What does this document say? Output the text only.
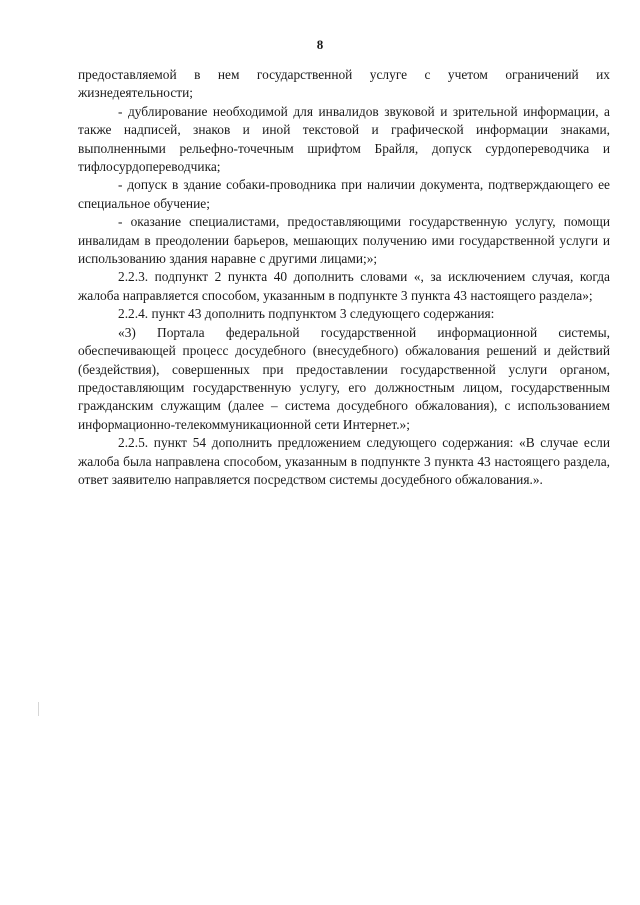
8

предоставляемой в нем государственной услуге с учетом ограничений их жизнедеятельности;

- дублирование необходимой для инвалидов звуковой и зрительной информации, а также надписей, знаков и иной текстовой и графической информации знаками, выполненными рельефно-точечным шрифтом Брайля, допуск сурдопереводчика и тифлосурдопереводчика;

- допуск в здание собаки-проводника при наличии документа, подтверждающего ее специальное обучение;

- оказание специалистами, предоставляющими государственную услугу, помощи инвалидам в преодолении барьеров, мешающих получению ими государственной услуги и использованию здания наравне с другими лицами;»;

2.2.3. подпункт 2 пункта 40 дополнить словами «, за исключением случая, когда жалоба направляется способом, указанным в подпункте 3 пункта 43 настоящего раздела»;

2.2.4. пункт 43 дополнить подпунктом 3 следующего содержания:

«3) Портала федеральной государственной информационной системы, обеспечивающей процесс досудебного (внесудебного) обжалования решений и действий (бездействия), совершенных при предоставлении государственной услуги органом, предоставляющим государственную услугу, его должностным лицом, государственным гражданским служащим (далее – система досудебного обжалования), с использованием информационно-телекоммуникационной сети Интернет.»;

2.2.5. пункт 54 дополнить предложением следующего содержания: «В случае если жалоба была направлена способом, указанным в подпункте 3 пункта 43 настоящего раздела, ответ заявителю направляется посредством системы досудебного обжалования.».
